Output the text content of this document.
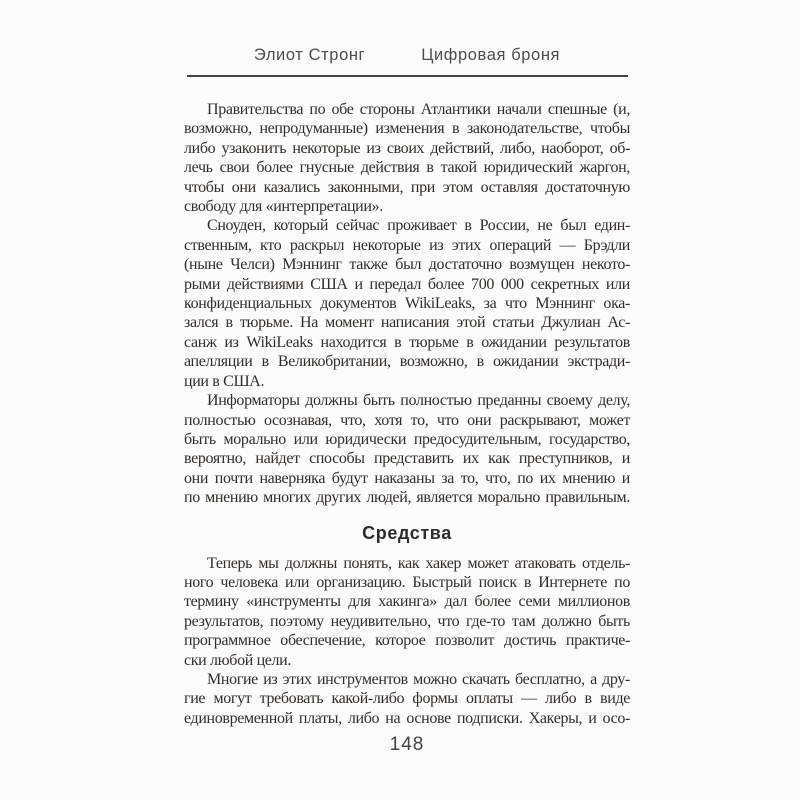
Элиот Стронг	Цифровая броня
Правительства по обе стороны Атлантики начали спешные (и,
возможно, непродуманные) изменения в законодательстве, чтобы
либо узаконить некоторые из своих действий, либо, наоборот, об-
лечь свои более гнусные действия в такой юридический жаргон,
чтобы они казались законными, при этом оставляя достаточную
свободу для «интерпретации».
Сноуден, который сейчас проживает в России, не был един-
ственным, кто раскрыл некоторые из этих операций — Брэдли
(ныне Челси) Мэннинг также был достаточно возмущен некото-
рыми действиями США и передал более 700 000 секретных или
конфиденциальных документов WikiLeaks, за что Мэннинг ока-
зался в тюрьме. На момент написания этой статьи Джулиан Ас-
санж из WikiLeaks находится в тюрьме в ожидании результатов
апелляции в Великобритании, возможно, в ожидании экстради-
ции в США.
Информаторы должны быть полностью преданны своему делу,
полностью осознавая, что, хотя то, что они раскрывают, может
быть морально или юридически предосудительным, государство,
вероятно, найдет способы представить их как преступников, и
они почти наверняка будут наказаны за то, что, по их мнению и
по мнению многих других людей, является морально правильным.
Средства
Теперь мы должны понять, как хакер может атаковать отдель-
ного человека или организацию. Быстрый поиск в Интернете по
термину «инструменты для хакинга» дал более семи миллионов
результатов, поэтому неудивительно, что где-то там должно быть
программное обеспечение, которое позволит достичь практиче-
ски любой цели.
Многие из этих инструментов можно скачать бесплатно, а дру-
гие могут требовать какой-либо формы оплаты — либо в виде
единовременной платы, либо на основе подписки. Хакеры, и осо-
148
